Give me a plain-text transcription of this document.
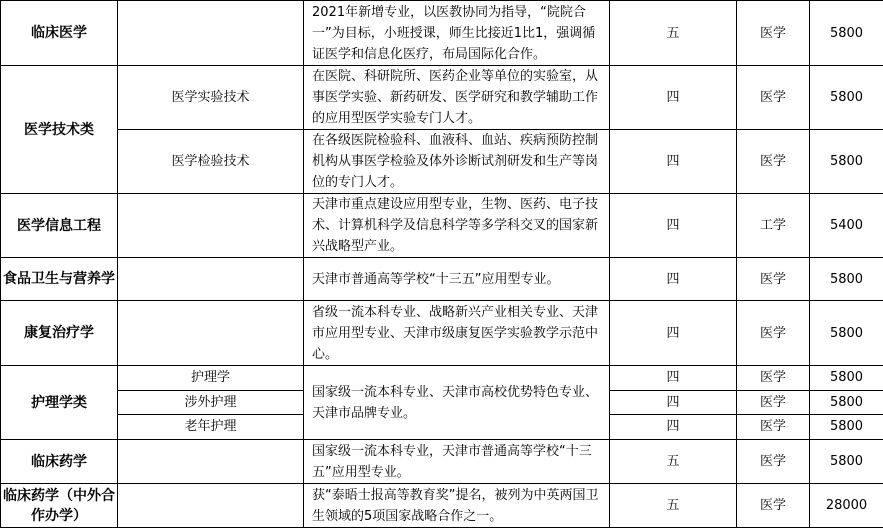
临床医学		2021年新增专业，以医教协同为指导，“院院合一”为目标，小班授课，师生比接近1比1，强调循证医学和信息化医疗，布局国际化合作。	五	医学	5800
医学技术类	医学实验技术	在医院、科研院所、医药企业等单位的实验室，从事医学实验、新药研发、医学研究和教学辅助工作的应用型医学实验专门人才。	四	医学	5800
	医学检验技术	在各级医院检验科、血液科、血站、疾病预防控制机构从事医学检验及体外诊断试剂研发和生产等岗位的专门人才。	四	医学	5800
医学信息工程		天津市重点建设应用型专业，生物、医药、电子技术、计算机科学及信息科学等多学科交叉的国家新兴战略型产业。	四	工学	5400
食品卫生与营养学		天津市普通高等学校“十三五”应用型专业。	四	医学	5800
康复治疗学		省级一流本科专业、战略新兴产业相关专业、天津市应用型专业、天津市级康复医学实验教学示范中心。	四	医学	5800
护理学类	护理学	国家级一流本科专业、天津市高校优势特色专业、天津市品牌专业。	四	医学	5800
	涉外护理		四	医学	5800
	老年护理		四	医学	5800
临床药学		国家级一流本科专业，天津市普通高等学校“十三五”应用型专业。	五	医学	5800
临床药学（中外合作办学）		获“泰晤士报高等教育奖”提名，被列为中英两国卫生领域的5项国家战略合作之一。	五	医学	28000
